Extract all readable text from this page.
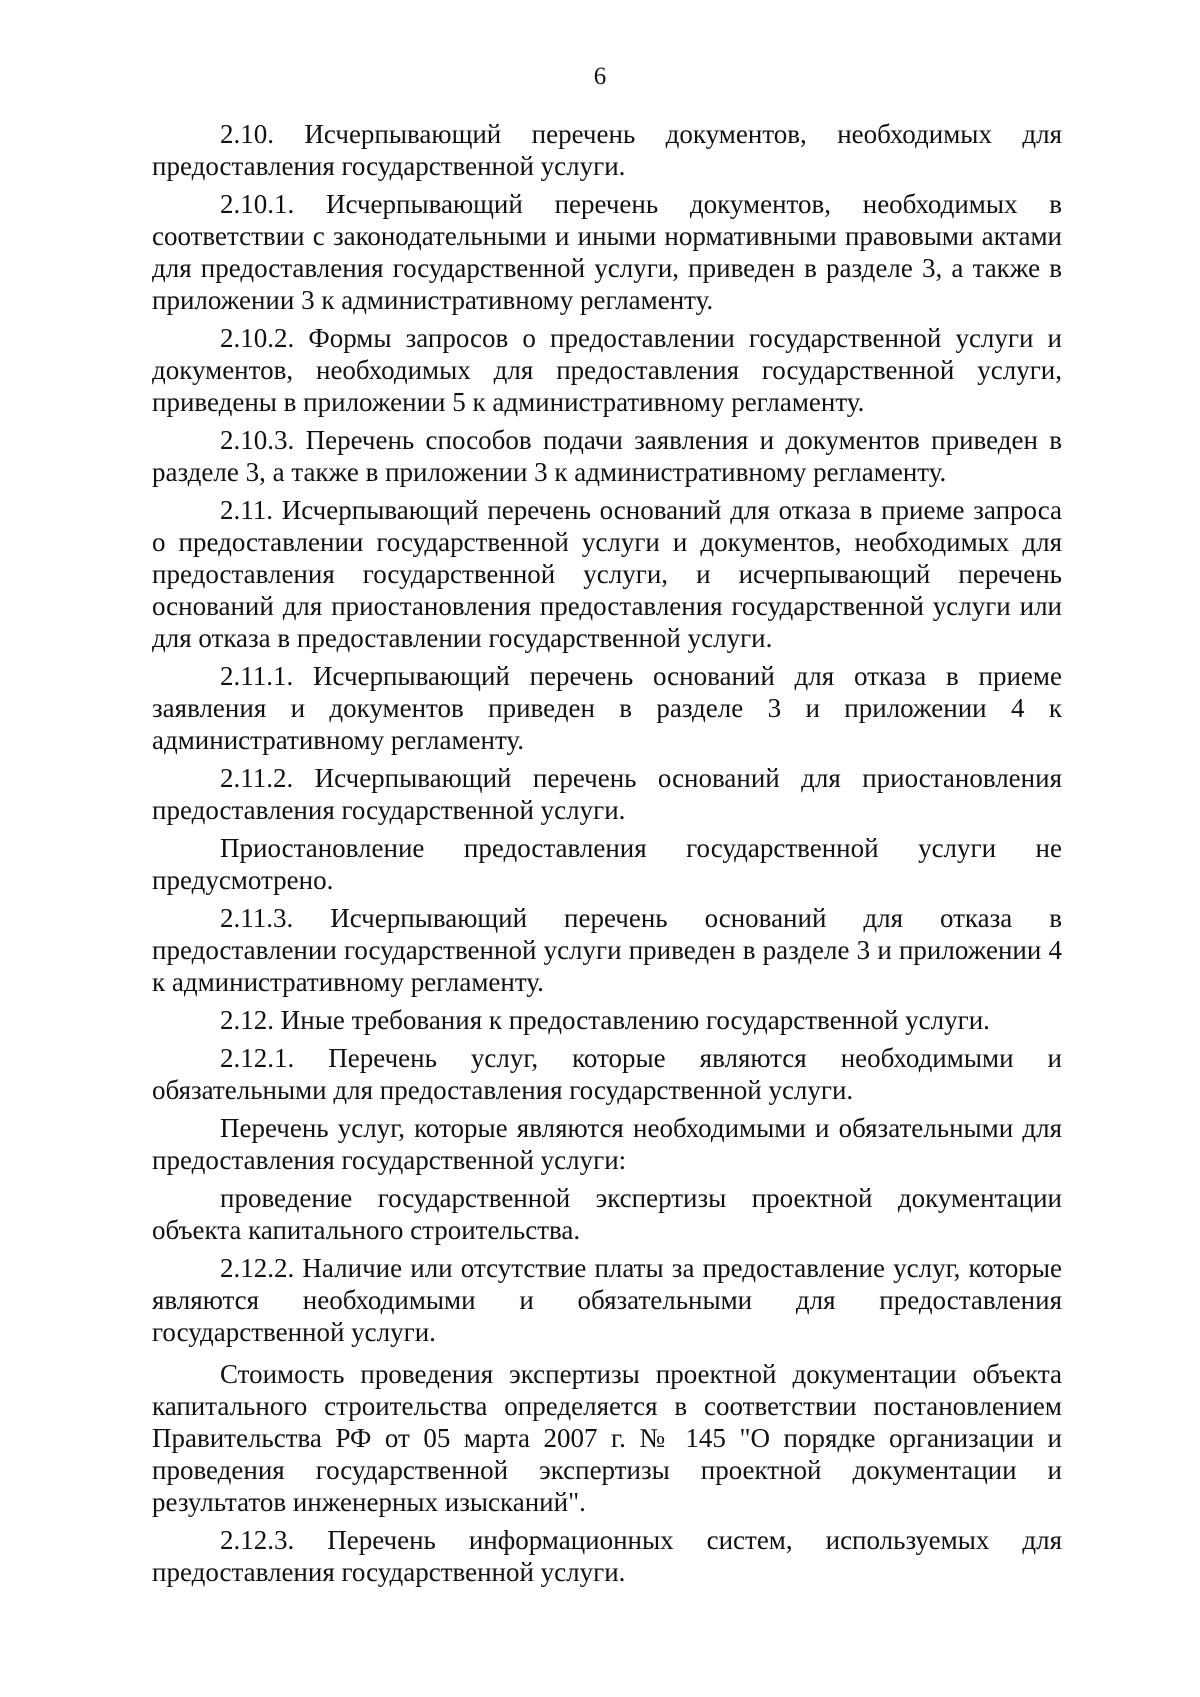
6

2.10. Исчерпывающий перечень документов, необходимых для предоставления государственной услуги.

2.10.1. Исчерпывающий перечень документов, необходимых в соответствии с законодательными и иными нормативными правовыми актами для предоставления государственной услуги, приведен в разделе 3, а также в приложении 3 к административному регламенту.

2.10.2. Формы запросов о предоставлении государственной услуги и документов, необходимых для предоставления государственной услуги, приведены в приложении 5 к административному регламенту.

2.10.3. Перечень способов подачи заявления и документов приведен в разделе 3, а также в приложении 3 к административному регламенту.

2.11. Исчерпывающий перечень оснований для отказа в приеме запроса о предоставлении государственной услуги и документов, необходимых для предоставления государственной услуги, и исчерпывающий перечень оснований для приостановления предоставления государственной услуги или для отказа в предоставлении государственной услуги.

2.11.1. Исчерпывающий перечень оснований для отказа в приеме заявления и документов приведен в разделе 3 и приложении 4 к административному регламенту.

2.11.2. Исчерпывающий перечень оснований для приостановления предоставления государственной услуги.

Приостановление предоставления государственной услуги не предусмотрено.

2.11.3. Исчерпывающий перечень оснований для отказа в предоставлении государственной услуги приведен в разделе 3 и приложении 4 к административному регламенту.

2.12. Иные требования к предоставлению государственной услуги.

2.12.1. Перечень услуг, которые являются необходимыми и обязательными для предоставления государственной услуги.

Перечень услуг, которые являются необходимыми и обязательными для предоставления государственной услуги:

проведение государственной экспертизы проектной документации объекта капитального строительства.

2.12.2. Наличие или отсутствие платы за предоставление услуг, которые являются необходимыми и обязательными для предоставления государственной услуги.

Стоимость проведения экспертизы проектной документации объекта капитального строительства определяется в соответствии постановлением Правительства РФ от 05 марта 2007 г. № 145 "О порядке организации и проведения государственной экспертизы проектной документации и результатов инженерных изысканий".

2.12.3. Перечень информационных систем, используемых для предоставления государственной услуги.
